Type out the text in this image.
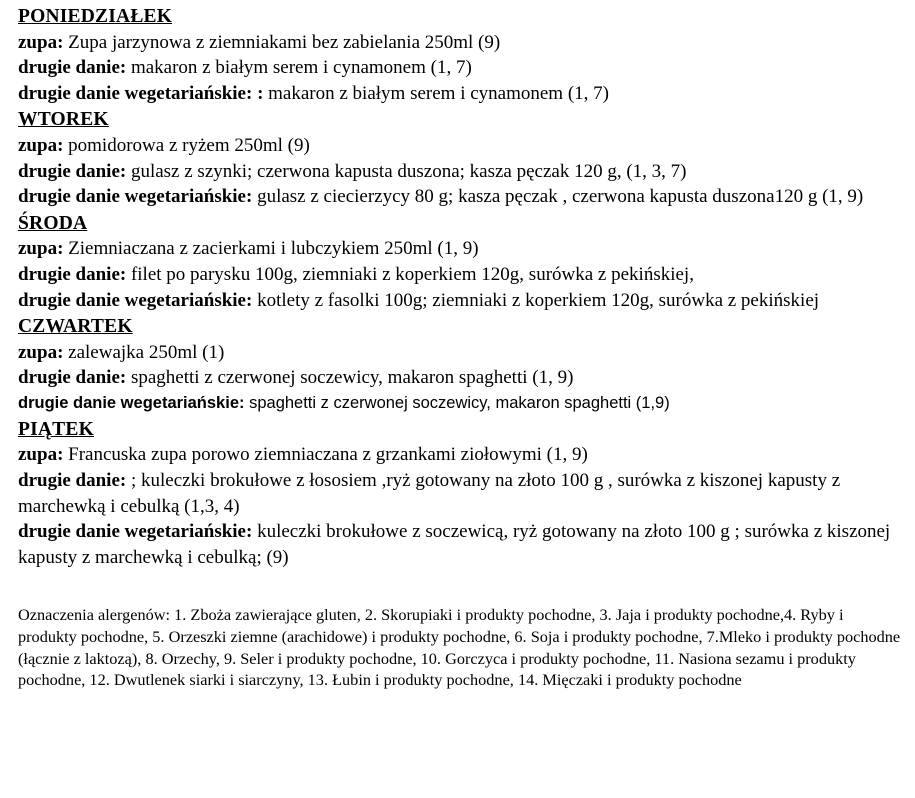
PONIEDZIAŁEK
zupa: Zupa jarzynowa z ziemniakami bez zabielania 250ml (9)
drugie danie: makaron z białym serem i cynamonem (1, 7)
drugie danie wegetariańskie: : makaron z białym serem i cynamonem (1, 7)
WTOREK
zupa: pomidorowa z ryżem 250ml (9)
drugie danie: gulasz z szynki; czerwona kapusta duszona; kasza pęczak 120 g, (1, 3, 7)
drugie danie wegetariańskie: gulasz z ciecierzycy 80 g; kasza pęczak , czerwona kapusta duszona120 g (1, 9)
ŚRODA
zupa: Ziemniaczana z zacierkami i lubczykiem 250ml (1, 9)
drugie danie: filet po parysku 100g, ziemniaki z koperkiem 120g, surówka z pekińskiej,
drugie danie wegetariańskie: kotlety z fasolki 100g; ziemniaki z koperkiem 120g, surówka z pekińskiej
CZWARTEK
zupa: zalewajka 250ml (1)
drugie danie: spaghetti z czerwonej soczewicy, makaron spaghetti (1, 9)
drugie danie wegetariańskie: spaghetti z czerwonej soczewicy, makaron spaghetti (1,9)
PIĄTEK
zupa: Francuska zupa porowo ziemniaczana z grzankami ziołowymi (1, 9)
drugie danie: ; kuleczki brokułowe z łososiem ,ryż gotowany na złoto 100 g , surówka z kiszonej kapusty z marchewką i cebulką (1,3, 4)
drugie danie wegetariańskie: kuleczki brokułowe z soczewicą, ryż gotowany na złoto 100 g ; surówka z kiszonej kapusty z marchewką i cebulką; (9)

Oznaczenia alergenów: 1. Zboża zawierające gluten, 2. Skorupiaki i produkty pochodne, 3. Jaja i produkty pochodne,4. Ryby i produkty pochodne, 5. Orzeszki ziemne (arachidowe) i produkty pochodne, 6. Soja i produkty pochodne, 7.Mleko i produkty pochodne (łącznie z laktozą), 8. Orzechy, 9. Seler i produkty pochodne, 10. Gorczyca i produkty pochodne, 11. Nasiona sezamu i produkty pochodne, 12. Dwutlenek siarki i siarczyny, 13. Łubin i produkty pochodne, 14. Mięczaki i produkty pochodne
